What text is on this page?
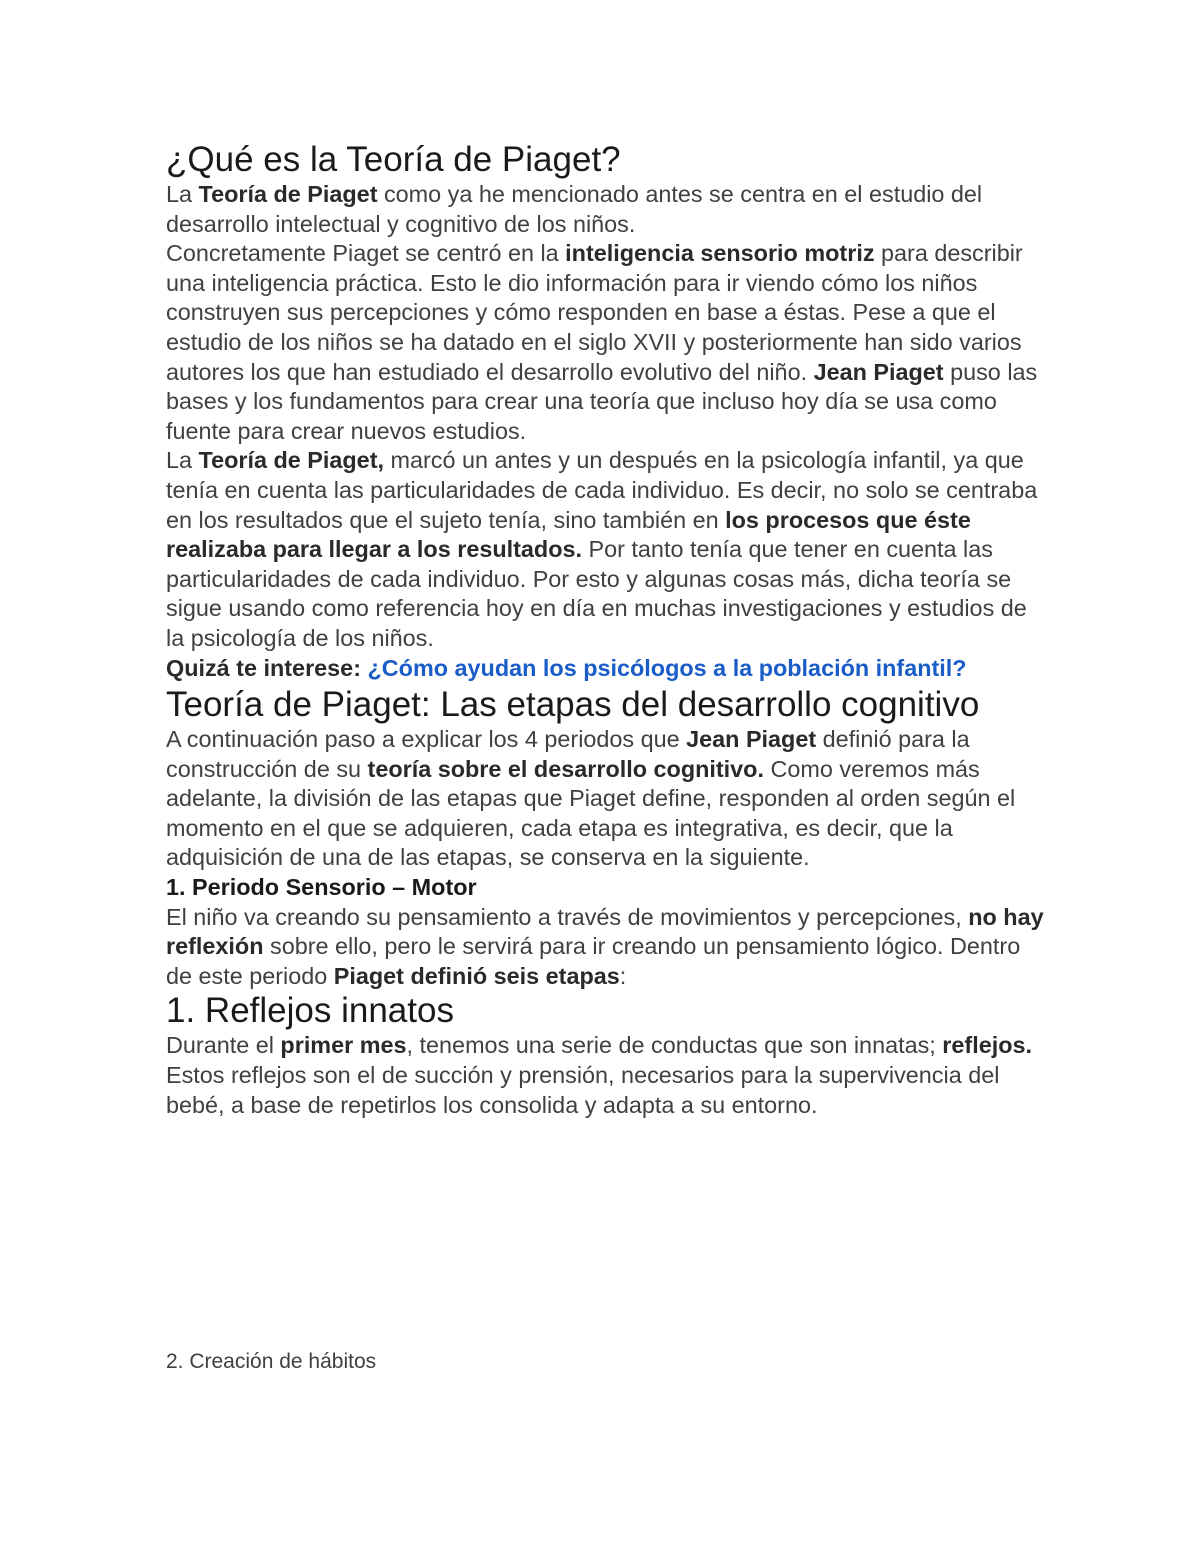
¿Qué es la Teoría de Piaget?

La Teoría de Piaget como ya he mencionado antes se centra en el estudio del desarrollo intelectual y cognitivo de los niños.

Concretamente Piaget se centró en la inteligencia sensorio motriz para describir una inteligencia práctica. Esto le dio información para ir viendo cómo los niños construyen sus percepciones y cómo responden en base a éstas. Pese a que el estudio de los niños se ha datado en el siglo XVII y posteriormente han sido varios autores los que han estudiado el desarrollo evolutivo del niño. Jean Piaget puso las bases y los fundamentos para crear una teoría que incluso hoy día se usa como fuente para crear nuevos estudios.

La Teoría de Piaget, marcó un antes y un después en la psicología infantil, ya que tenía en cuenta las particularidades de cada individuo. Es decir, no solo se centraba en los resultados que el sujeto tenía, sino también en los procesos que éste realizaba para llegar a los resultados. Por tanto tenía que tener en cuenta las particularidades de cada individuo. Por esto y algunas cosas más, dicha teoría se sigue usando como referencia hoy en día en muchas investigaciones y estudios de la psicología de los niños.

Quizá te interese: ¿Cómo ayudan los psicólogos a la población infantil?

Teoría de Piaget: Las etapas del desarrollo cognitivo

A continuación paso a explicar los 4 periodos que Jean Piaget definió para la construcción de su teoría sobre el desarrollo cognitivo. Como veremos más adelante, la división de las etapas que Piaget define, responden al orden según el momento en el que se adquieren, cada etapa es integrativa, es decir, que la adquisición de una de las etapas, se conserva en la siguiente.

1. Periodo Sensorio – Motor

El niño va creando su pensamiento a través de movimientos y percepciones, no hay reflexión sobre ello, pero le servirá para ir creando un pensamiento lógico. Dentro de este periodo Piaget definió seis etapas:

1. Reflejos innatos

Durante el primer mes, tenemos una serie de conductas que son innatas; reflejos. Estos reflejos son el de succión y prensión, necesarios para la supervivencia del bebé, a base de repetirlos los consolida y adapta a su entorno.

2. Creación de hábitos
